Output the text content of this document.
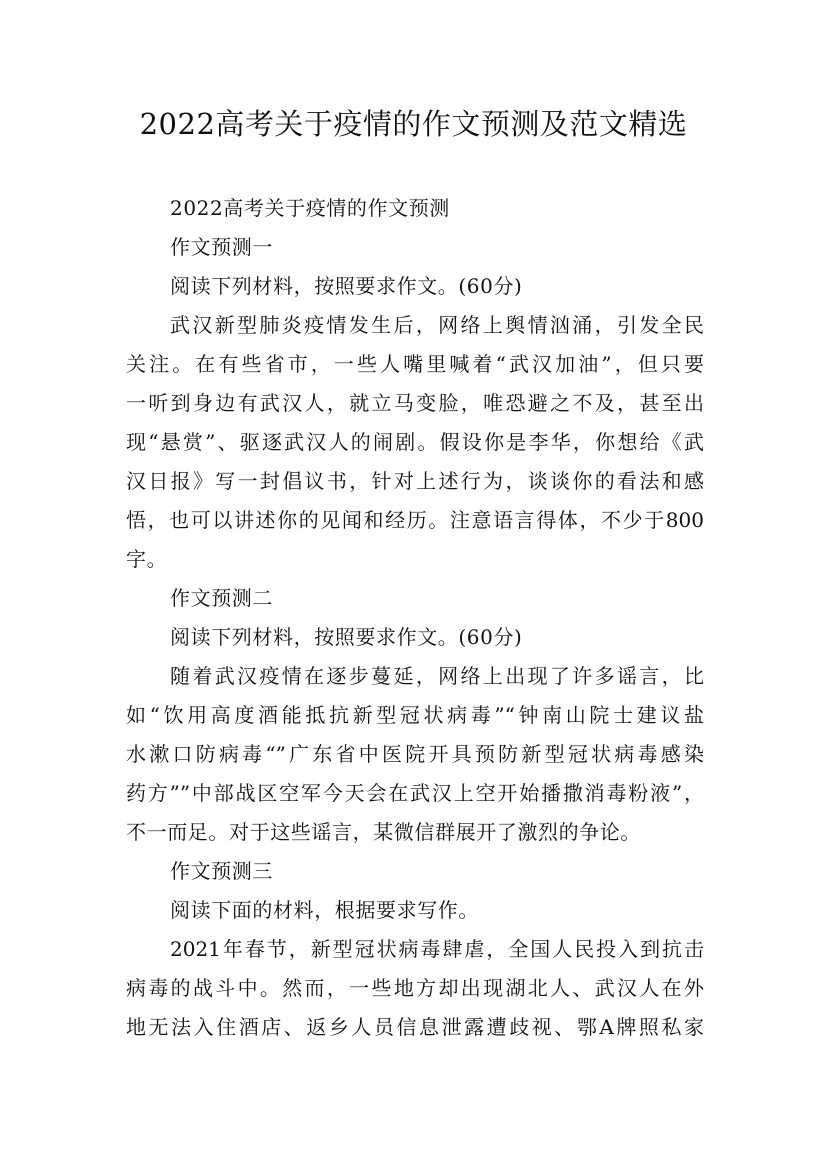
2022高考关于疫情的作文预测及范文精选
2022高考关于疫情的作文预测
作文预测一
阅读下列材料，按照要求作文。(60分)
武汉新型肺炎疫情发生后，网络上舆情汹涌，引发全民
关注。在有些省市，一些人嘴里喊着“武汉加油”，但只要
一听到身边有武汉人，就立马变脸，唯恐避之不及，甚至出
现“悬赏”、驱逐武汉人的闹剧。假设你是李华，你想给《武
汉日报》写一封倡议书，针对上述行为，谈谈你的看法和感
悟，也可以讲述你的见闻和经历。注意语言得体，不少于800
字。
作文预测二
阅读下列材料，按照要求作文。(60分)
随着武汉疫情在逐步蔓延，网络上出现了许多谣言，比
如“饮用高度酒能抵抗新型冠状病毒”“钟南山院士建议盐
水漱口防病毒“”广东省中医院开具预防新型冠状病毒感染
药方””中部战区空军今天会在武汉上空开始播撒消毒粉液”，
不一而足。对于这些谣言，某微信群展开了激烈的争论。
作文预测三
阅读下面的材料，根据要求写作。
2021年春节，新型冠状病毒肆虐，全国人民投入到抗击
病毒的战斗中。然而，一些地方却出现湖北人、武汉人在外
地无法入住酒店、返乡人员信息泄露遭歧视、鄂A牌照私家
